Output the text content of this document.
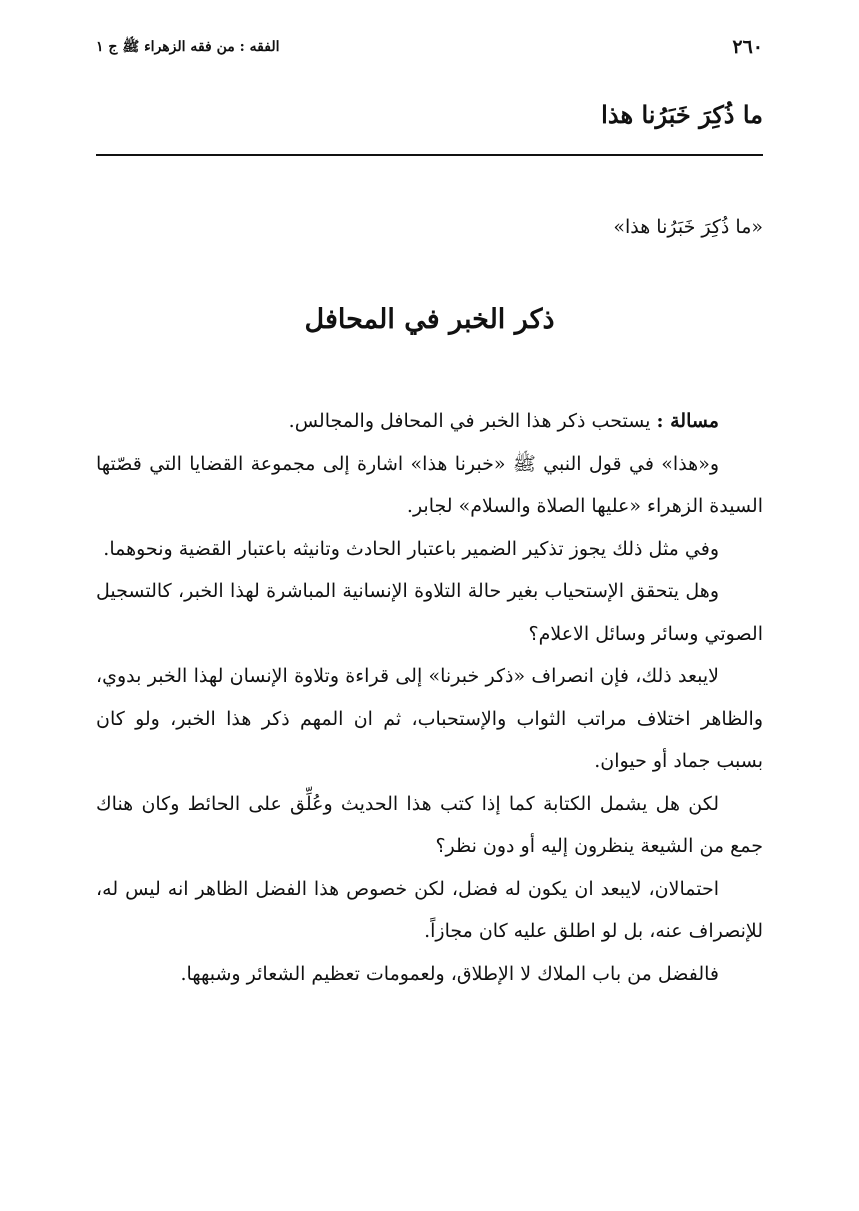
٢٦٠
الفقه : من فقه الزهراء ﷺ ج ١
ما ذُكِرَ خَبَرُنا هذا
«ما ذُكِرَ خَبَرُنا هذا»
ذكر الخبر في المحافل

مسالة : يستحب ذكر هذا الخبر في المحافل والمجالس.

و«هذا» في قول النبي ﷺ «خبرنا هذا» اشارة إلى مجموعة القضايا التي قصّتها السيدة الزهراء «عليها الصلاة والسلام» لجابر.

وفي مثل ذلك يجوز تذكير الضمير باعتبار الحادث وتانيثه باعتبار القضية ونحوهما.

وهل يتحقق الإستحياب بغير حالة التلاوة الإنسانية المباشرة لهذا الخبر، كالتسجيل الصوتي وسائر وسائل الاعلام؟

لايبعد ذلك، فإن انصراف «ذكر خبرنا» إلى قراءة وتلاوة الإنسان لهذا الخبر بدوي، والظاهر اختلاف مراتب الثواب والإستحباب، ثم ان المهم ذكر هذا الخبر، ولو كان بسبب جماد أو حيوان.

لكن هل يشمل الكتابة كما إذا كتب هذا الحديث وعُلِّق على الحائط وكان هناك جمع من الشيعة ينظرون إليه أو دون نظر؟

احتمالان، لايبعد ان يكون له فضل، لكن خصوص هذا الفضل الظاهر انه ليس له، للإنصراف عنه، بل لو اطلق عليه كان مجازاً.

فالفضل من باب الملاك لا الإطلاق، ولعمومات تعظيم الشعائر وشبهها.
